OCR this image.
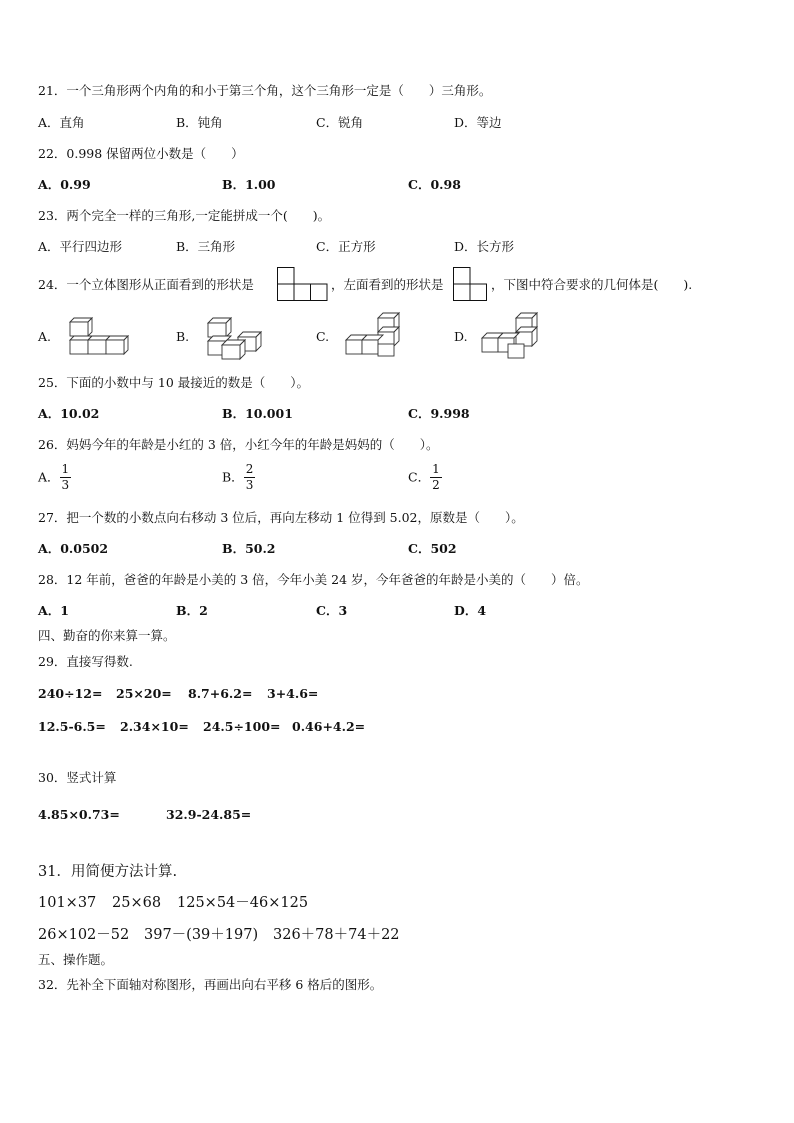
21．一个三角形两个内角的和小于第三个角，这个三角形一定是（　　）三角形。
A．直角	B．钝角	C．锐角	D．等边
22．0.998 保留两位小数是（　　）
A．0.99	B．1.00	C．0.98
23．两个完全一样的三角形,一定能拼成一个(　　)。
A．平行四边形	B．三角形	C．正方形	D．长方形
24．一个立体图形从正面看到的形状是	，左面看到的形状是	，下图中符合要求的几何体是(　　).
A.	B.	C.	D.
25．下面的小数中与 10 最接近的数是（　　）。
A．10.02	B．10.001	C．9.998
26．妈妈今年的年龄是小红的 3 倍，小红今年的年龄是妈妈的（　　）。
A． $\frac{1}{3}$	B． $\frac{2}{3}$	C． $\frac{1}{2}$
27．把一个数的小数点向右移动 3 位后，再向左移动 1 位得到 5.02，原数是（　　）。
A．0.0502	B．50.2	C．502
28．12 年前，爸爸的年龄是小美的 3 倍，今年小美 24 岁，今年爸爸的年龄是小美的（　　）倍。
A．1	B．2	C．3	D．4
四、勤奋的你来算一算。
29．直接写得数.
240÷12= 25×20= 8.7+6.2= 3+4.6=
12.5-6.5= 2.34×10= 24.5÷100= 0.46+4.2=
30．竖式计算
4.85×0.73=	32.9-24.85=
31．用简便方法计算.
101×37 25×68 125×54－46×125
26×102－52 397－(39＋197) 326＋78＋74＋22
五、操作题。
32．先补全下面轴对称图形，再画出向右平移 6 格后的图形。
